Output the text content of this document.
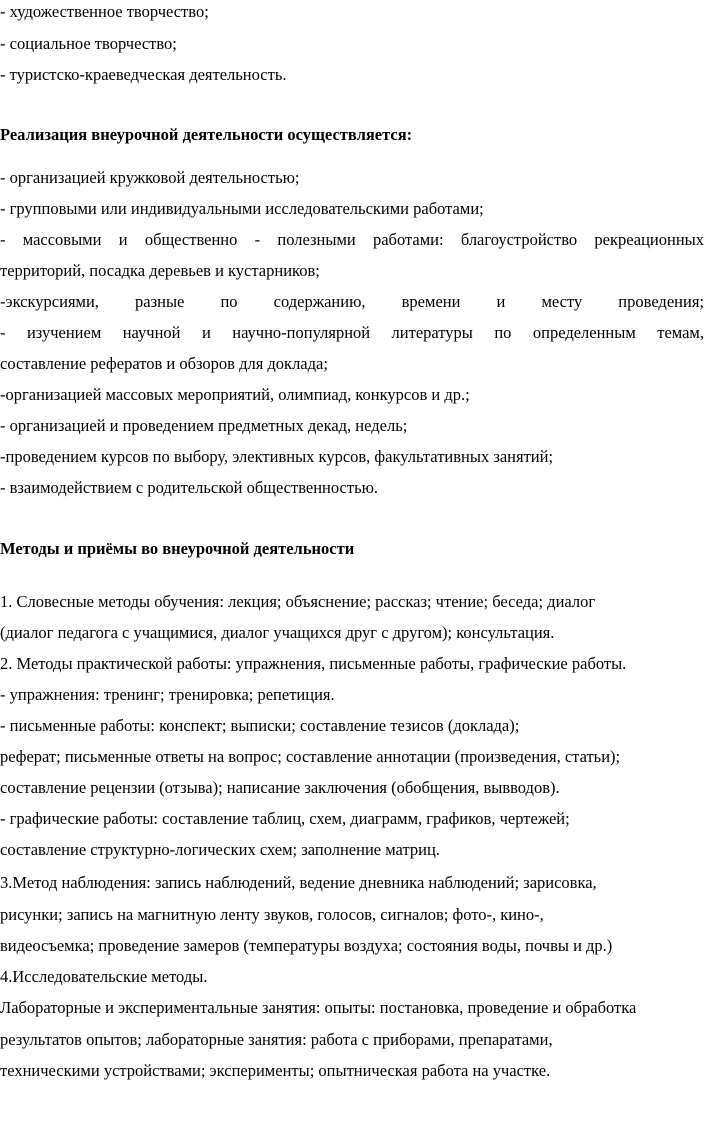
- художественное творчество;
- социальное творчество;
- туристско-краеведческая деятельность.
Реализация внеурочной деятельности осуществляется:
- организацией кружковой деятельностью;
- групповыми или индивидуальными исследовательскими работами;
- массовыми и общественно - полезными работами: благоустройство рекреационных
территорий, посадка деревьев и кустарников;
-экскурсиями, разные по содержанию, времени и месту проведения;
- изучением научной и научно-популярной литературы по определенным темам,
составление рефератов и обзоров для доклада;
-организацией массовых мероприятий, олимпиад, конкурсов и др.;
- организацией и проведением предметных декад, недель;
-проведением курсов по выбору, элективных курсов, факультативных занятий;
- взаимодействием с родительской общественностью.
Методы и приёмы во внеурочной деятельности
1. Словесные методы обучения: лекция; объяснение; рассказ; чтение; беседа; диалог
(диалог педагога с учащимися, диалог учащихся друг с другом); консультация.
2. Методы практической работы: упражнения, письменные работы, графические работы.
- упражнения: тренинг; тренировка; репетиция.
- письменные работы: конспект; выписки; составление тезисов (доклада);
реферат; письменные ответы на вопрос; составление аннотации (произведения, статьи);
составление рецензии (отзыва); написание заключения (обобщения, вывводов).
- графические работы: составление таблиц, схем, диаграмм, графиков, чертежей;
составление структурно-логических схем; заполнение матриц.
3.Метод наблюдения: запись наблюдений, ведение дневника наблюдений; зарисовка,
рисунки; запись на магнитную ленту звуков, голосов, сигналов; фото-, кино-,
видеосъемка; проведение замеров (температуры воздуха; состояния воды, почвы и др.)
4.Исследовательские методы.
Лабораторные и экспериментальные занятия: опыты: постановка, проведение и обработка
результатов опытов; лабораторные занятия: работа с приборами, препаратами,
техническими устройствами; эксперименты; опытническая работа на участке.
